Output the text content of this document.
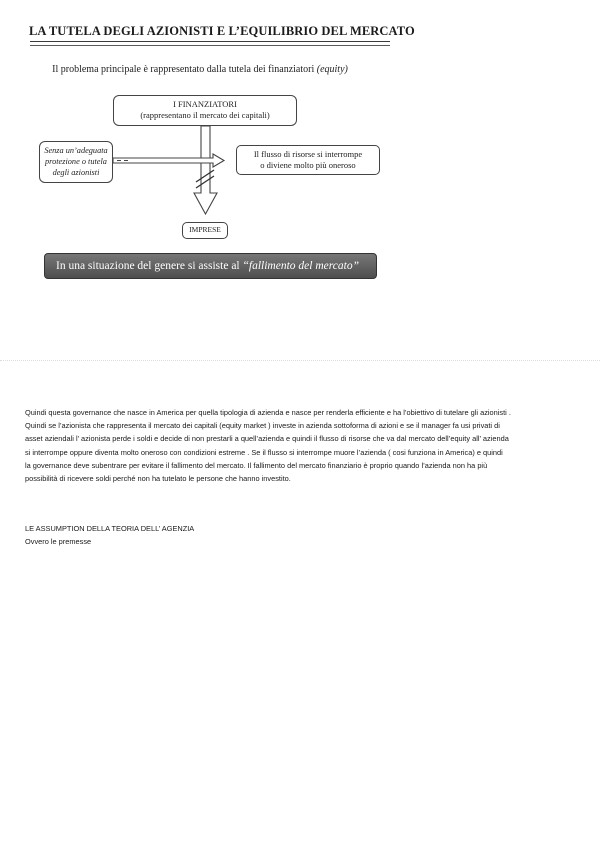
LA TUTELA DEGLI AZIONISTI E L’EQUILIBRIO DEL MERCATO
Il problema principale è rappresentato dalla tutela dei finanziatori (equity)
I FINANZIATORI
(rappresentano il mercato dei capitali)
Senza un’adeguata
protezione o tutela
degli azionisti
Il flusso di risorse si interrompe
o diviene molto più oneroso
IMPRESE
In una situazione del genere si assiste al “fallimento del mercato”

Quindi questa governance che nasce in America per quella tipologia di azienda e nasce per renderla efficiente e ha l’obiettivo di tutelare gli azionisti .

Quindi se l’azionista che rappresenta il mercato dei capitali (equity market ) investe in azienda sottoforma di azioni e se il manager fa usi privati di

asset aziendali l’ azionista perde i soldi e decide di non prestarli a quell’azienda e quindi il flusso di risorse che va dal mercato dell’equity all’ azienda

si interrompe oppure diventa molto oneroso con condizioni estreme . Se il flusso si interrompe muore l’azienda ( cosi funziona in America) e quindi

la governance deve subentrare per evitare il fallimento del mercato. Il fallimento del mercato finanziario è proprio quando l’azienda non ha più

possibilità di ricevere soldi perché non ha tutelato le persone che hanno investito.

LE ASSUMPTION DELLA TEORIA DELL’ AGENZIA
Ovvero le premesse
